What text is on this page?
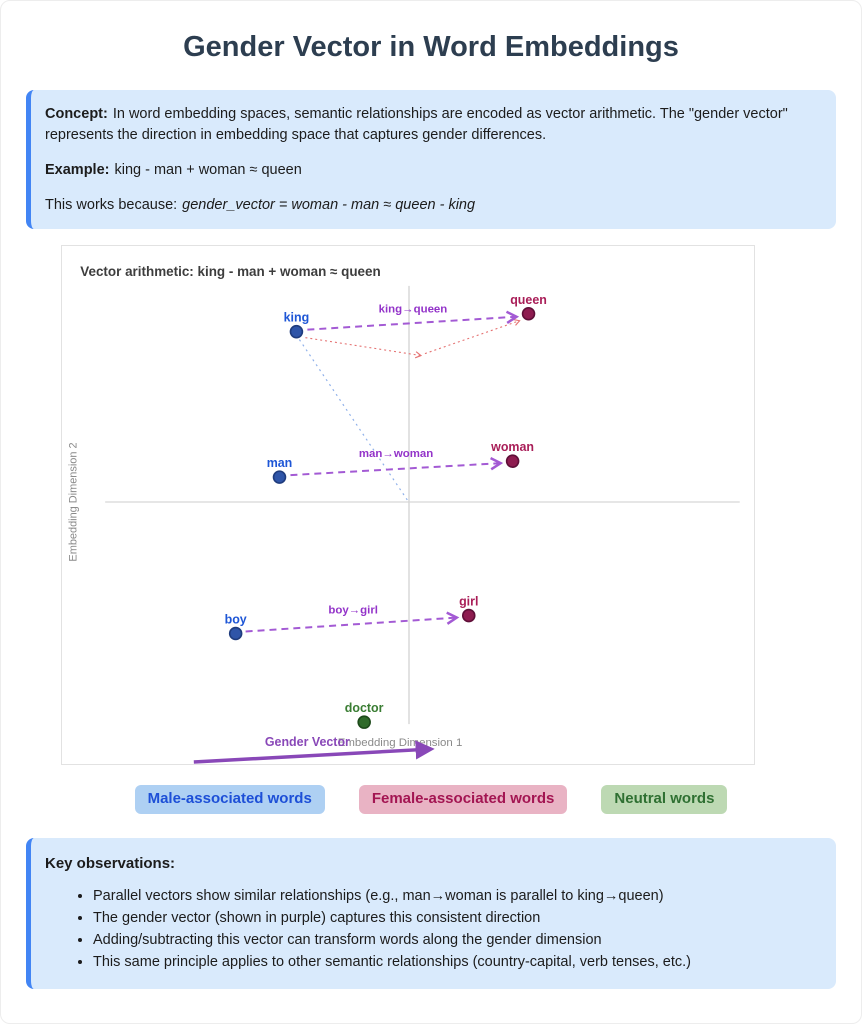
Gender Vector in Word Embeddings

Concept: In word embedding spaces, semantic relationships are encoded as vector arithmetic. The "gender vector" represents the direction in embedding space that captures gender differences.

Example: king - man + woman ≈ queen

This works because: gender_vector = woman - man ≈ queen - king

Vector arithmetic: king - man + woman ≈ queen
Embedding Dimension 2
Embedding Dimension 1
king→queen
man→woman
boy→girl
Gender Vector
king
queen
man
woman
boy
girl
doctor
Male-associated words	Female-associated words	Neutral words
Key observations:
• Parallel vectors show similar relationships (e.g., man→woman is parallel to king→queen)
• The gender vector (shown in purple) captures this consistent direction
• Adding/subtracting this vector can transform words along the gender dimension
• This same principle applies to other semantic relationships (country-capital, verb tenses, etc.)
